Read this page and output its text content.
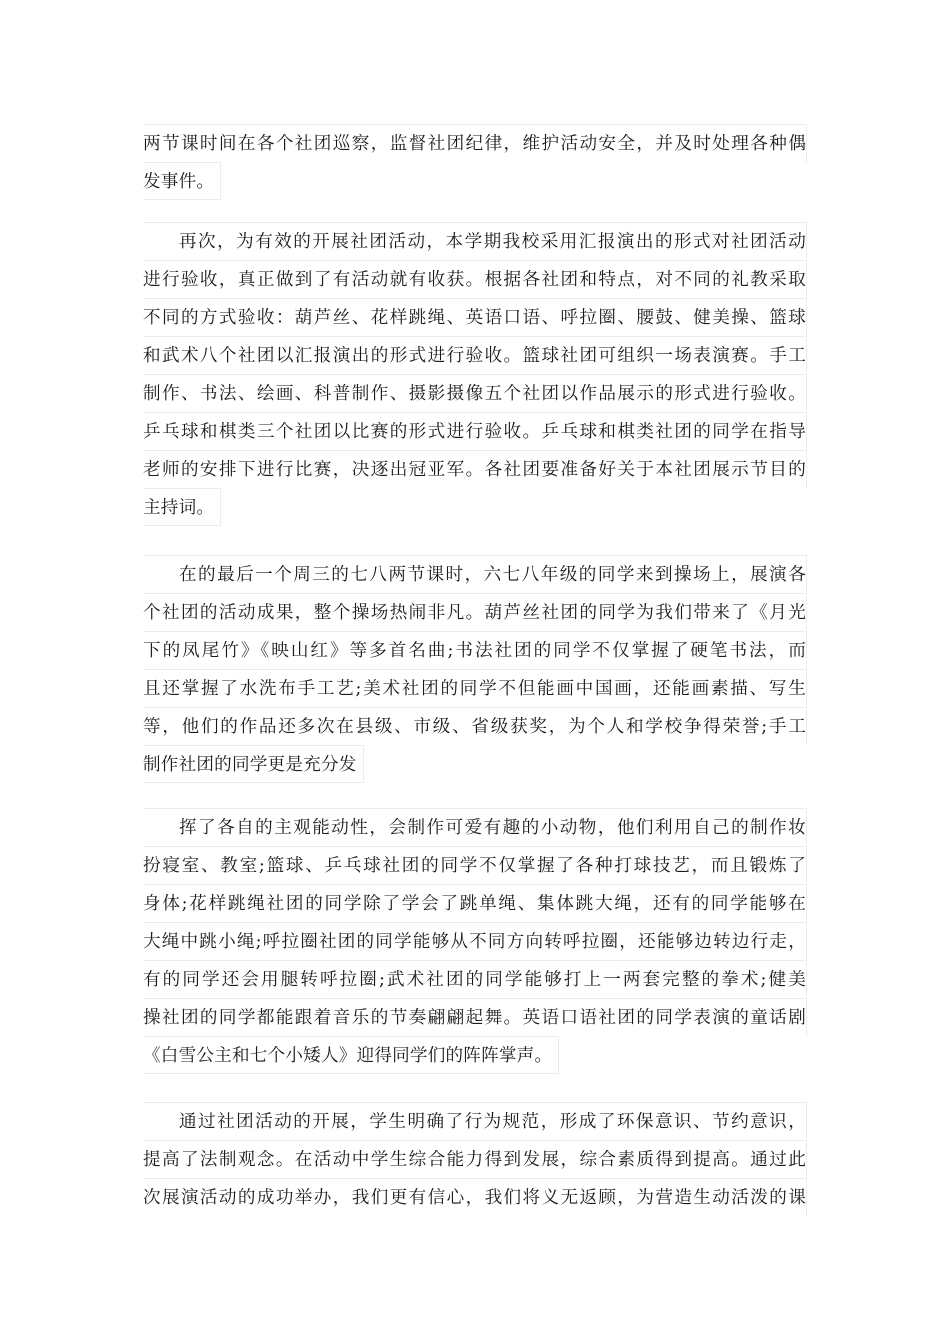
两节课时间在各个社团巡察，监督社团纪律，维护活动安全，并及时处理各种偶
发事件。
再次，为有效的开展社团活动，本学期我校采用汇报演出的形式对社团活动
进行验收，真正做到了有活动就有收获。根据各社团和特点，对不同的礼教采取
不同的方式验收：葫芦丝、花样跳绳、英语口语、呼拉圈、腰鼓、健美操、篮球
和武术八个社团以汇报演出的形式进行验收。篮球社团可组织一场表演赛。手工
制作、书法、绘画、科普制作、摄影摄像五个社团以作品展示的形式进行验收。
乒乓球和棋类三个社团以比赛的形式进行验收。乒乓球和棋类社团的同学在指导
老师的安排下进行比赛，决逐出冠亚军。各社团要准备好关于本社团展示节目的
主持词。
在的最后一个周三的七八两节课时，六七八年级的同学来到操场上，展演各
个社团的活动成果，整个操场热闹非凡。葫芦丝社团的同学为我们带来了《月光
下的凤尾竹》《映山红》等多首名曲;书法社团的同学不仅掌握了硬笔书法，而
且还掌握了水洗布手工艺;美术社团的同学不但能画中国画，还能画素描、写生
等，他们的作品还多次在县级、市级、省级获奖，为个人和学校争得荣誉;手工
制作社团的同学更是充分发
挥了各自的主观能动性，会制作可爱有趣的小动物，他们利用自己的制作妆
扮寝室、教室;篮球、乒乓球社团的同学不仅掌握了各种打球技艺，而且锻炼了
身体;花样跳绳社团的同学除了学会了跳单绳、集体跳大绳，还有的同学能够在
大绳中跳小绳;呼拉圈社团的同学能够从不同方向转呼拉圈，还能够边转边行走，
有的同学还会用腿转呼拉圈;武术社团的同学能够打上一两套完整的拳术;健美
操社团的同学都能跟着音乐的节奏翩翩起舞。英语口语社团的同学表演的童话剧
《白雪公主和七个小矮人》迎得同学们的阵阵掌声。
通过社团活动的开展，学生明确了行为规范，形成了环保意识、节约意识，
提高了法制观念。在活动中学生综合能力得到发展，综合素质得到提高。通过此
次展演活动的成功举办，我们更有信心，我们将义无返顾，为营造生动活泼的课
